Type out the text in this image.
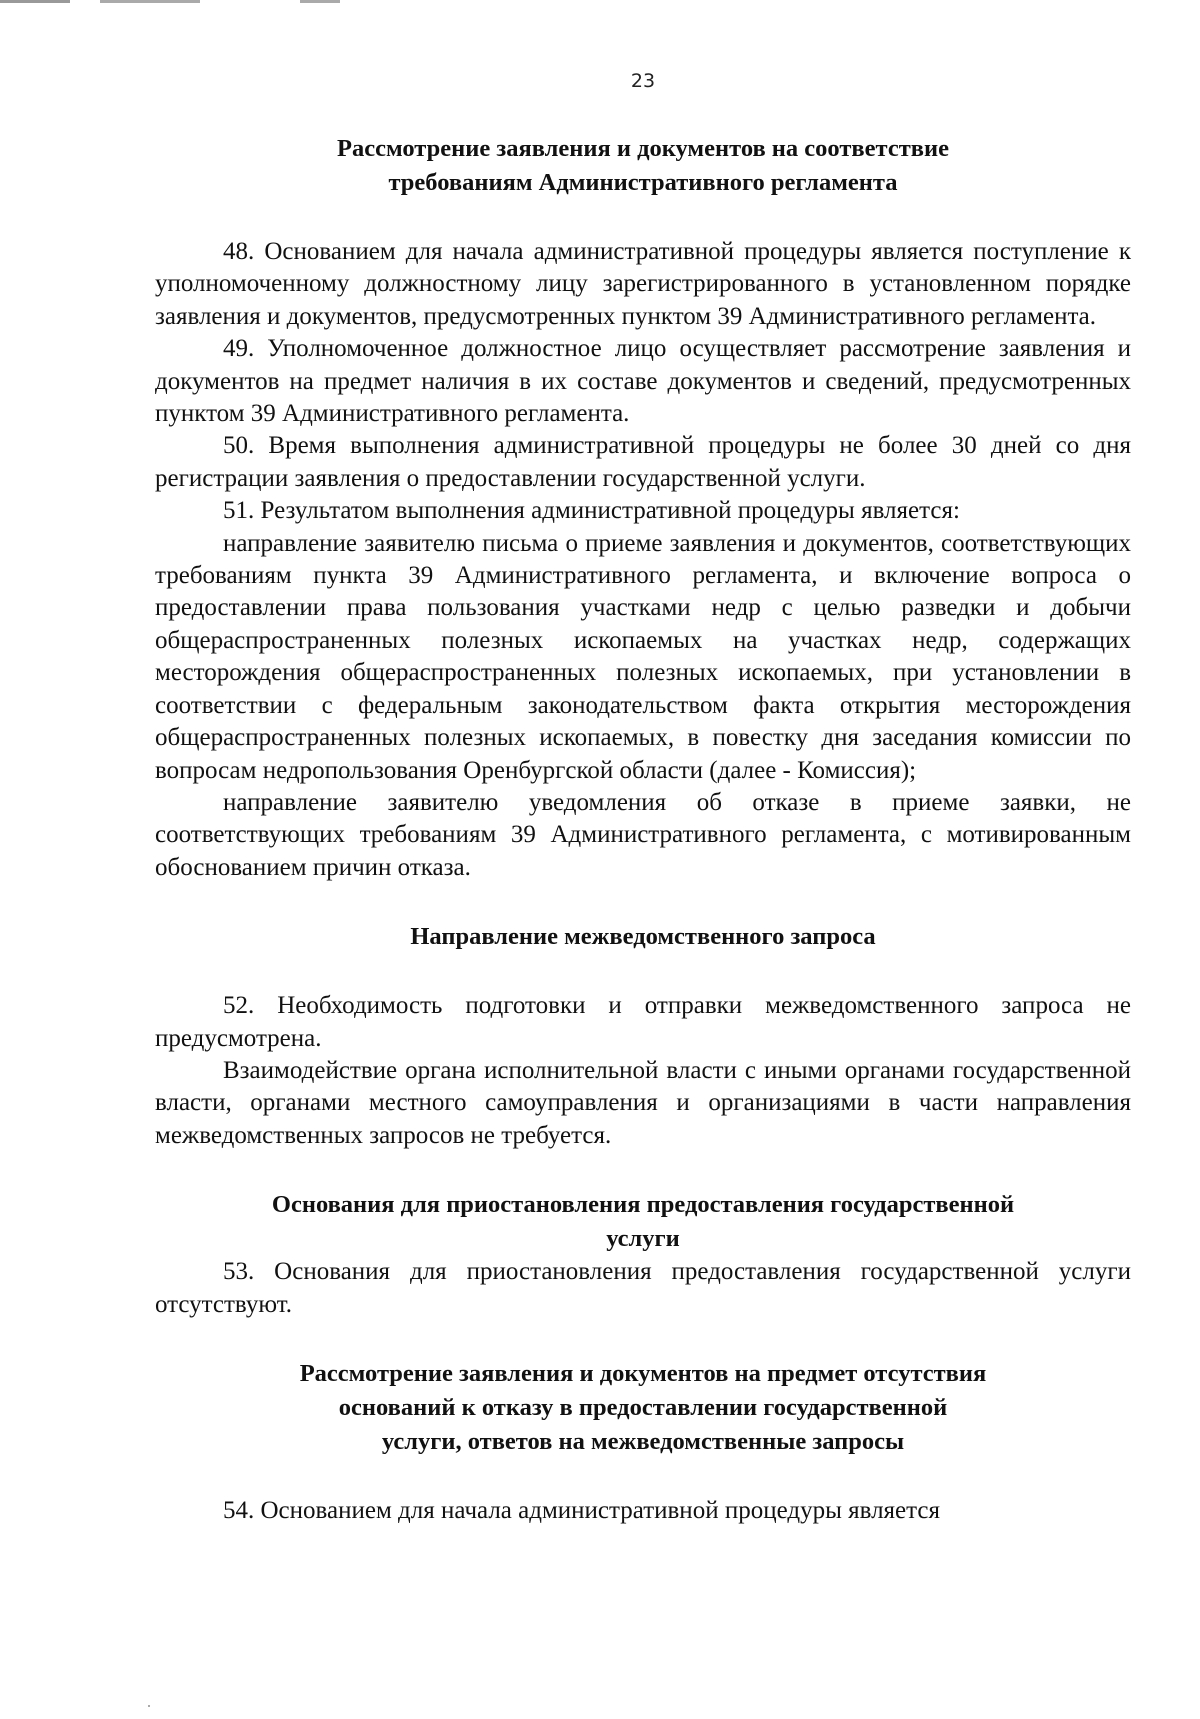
23
Рассмотрение заявления и документов на соответствие
требованиям Административного регламента

48. Основанием для начала административной процедуры является поступление к уполномоченному должностному лицу зарегистрированного в установленном порядке заявления и документов, предусмотренных пунктом 39 Административного регламента.

49. Уполномоченное должностное лицо осуществляет рассмотрение заявления и документов на предмет наличия в их составе документов и сведений, предусмотренных пунктом 39 Административного регламента.

50. Время выполнения административной процедуры не более 30 дней со дня регистрации заявления о предоставлении государственной услуги.

51. Результатом выполнения административной процедуры является:

направление заявителю письма о приеме заявления и документов, соответствующих требованиям пункта 39 Административного регламента, и включение вопроса о предоставлении права пользования участками недр с целью разведки и добычи общераспространенных полезных ископаемых на участках недр, содержащих месторождения общераспространенных полезных ископаемых, при установлении в соответствии с федеральным законодательством факта открытия месторождения общераспространенных полезных ископаемых, в повестку дня заседания комиссии по вопросам недропользования Оренбургской области (далее - Комиссия);

направление заявителю уведомления об отказе в приеме заявки, не соответствующих требованиям 39 Административного регламента, с мотивированным обоснованием причин отказа.

Направление межведомственного запроса

52. Необходимость подготовки и отправки межведомственного запроса не предусмотрена.

Взаимодействие органа исполнительной власти с иными органами государственной власти, органами местного самоуправления и организациями в части направления межведомственных запросов не требуется.

Основания для приостановления предоставления государственной
услуги

53. Основания для приостановления предоставления государственной услуги отсутствуют.

Рассмотрение заявления и документов на предмет отсутствия
оснований к отказу в предоставлении государственной
услуги, ответов на межведомственные запросы

54. Основанием для начала административной процедуры является
